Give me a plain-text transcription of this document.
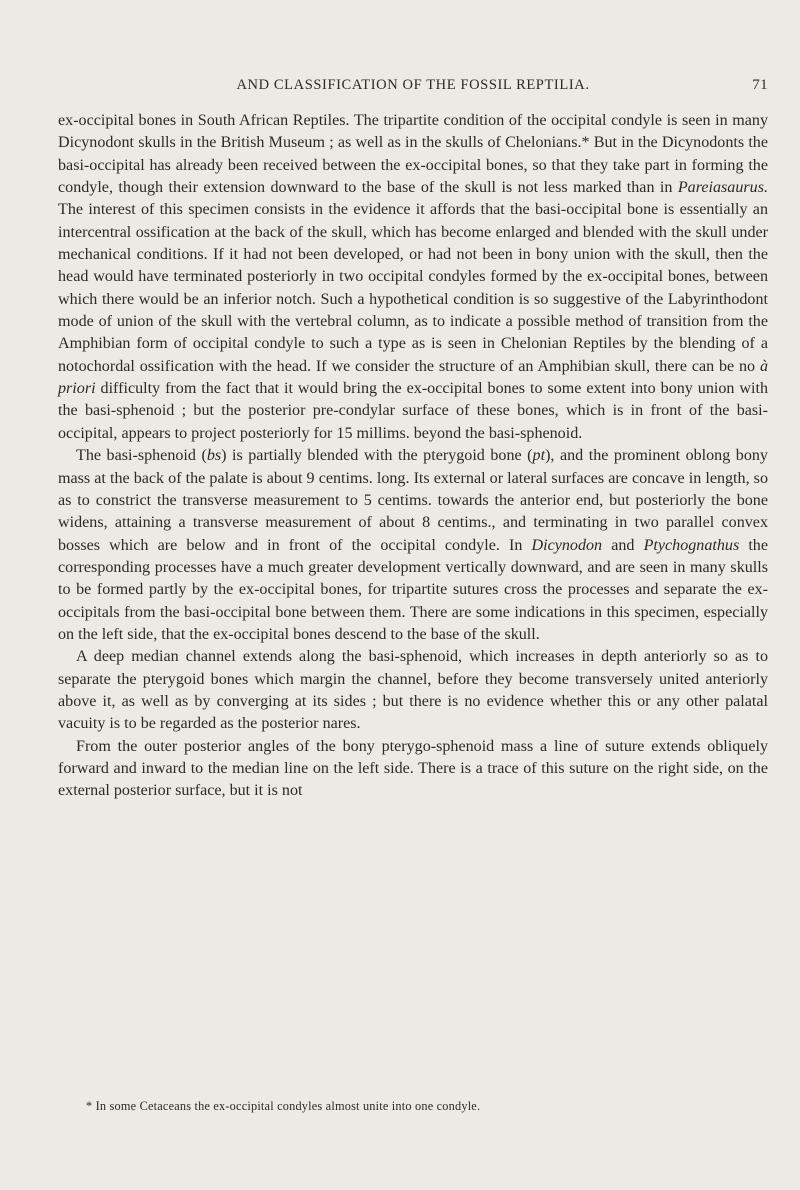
AND CLASSIFICATION OF THE FOSSIL REPTILIA.	71

ex-occipital bones in South African Reptiles. The tripartite condition of the occipital condyle is seen in many Dicynodont skulls in the British Museum ; as well as in the skulls of Chelonians.* But in the Dicynodonts the basi-occipital has already been received between the ex-occipital bones, so that they take part in forming the condyle, though their extension downward to the base of the skull is not less marked than in Pareiasaurus. The interest of this specimen consists in the evidence it affords that the basi-occipital bone is essentially an intercentral ossification at the back of the skull, which has become enlarged and blended with the skull under mechanical conditions. If it had not been developed, or had not been in bony union with the skull, then the head would have terminated posteriorly in two occipital condyles formed by the ex-occipital bones, between which there would be an inferior notch. Such a hypothetical condition is so suggestive of the Labyrinthodont mode of union of the skull with the vertebral column, as to indicate a possible method of transition from the Amphibian form of occipital condyle to such a type as is seen in Chelonian Reptiles by the blending of a notochordal ossification with the head. If we consider the structure of an Amphibian skull, there can be no à priori difficulty from the fact that it would bring the ex-occipital bones to some extent into bony union with the basi-sphenoid ; but the posterior pre-condylar surface of these bones, which is in front of the basi-occipital, appears to project posteriorly for 15 millims. beyond the basi-sphenoid.

The basi-sphenoid (bs) is partially blended with the pterygoid bone (pt), and the prominent oblong bony mass at the back of the palate is about 9 centims. long. Its external or lateral surfaces are concave in length, so as to constrict the transverse measurement to 5 centims. towards the anterior end, but posteriorly the bone widens, attaining a transverse measurement of about 8 centims., and terminating in two parallel convex bosses which are below and in front of the occipital condyle. In Dicynodon and Ptychognathus the corresponding processes have a much greater development vertically downward, and are seen in many skulls to be formed partly by the ex-occipital bones, for tripartite sutures cross the processes and separate the ex-occipitals from the basi-occipital bone between them. There are some indications in this specimen, especially on the left side, that the ex-occipital bones descend to the base of the skull.

A deep median channel extends along the basi-sphenoid, which increases in depth anteriorly so as to separate the pterygoid bones which margin the channel, before they become transversely united anteriorly above it, as well as by converging at its sides ; but there is no evidence whether this or any other palatal vacuity is to be regarded as the posterior nares.

From the outer posterior angles of the bony pterygo-sphenoid mass a line of suture extends obliquely forward and inward to the median line on the left side. There is a trace of this suture on the right side, on the external posterior surface, but it is not

* In some Cetaceans the ex-occipital condyles almost unite into one condyle.
